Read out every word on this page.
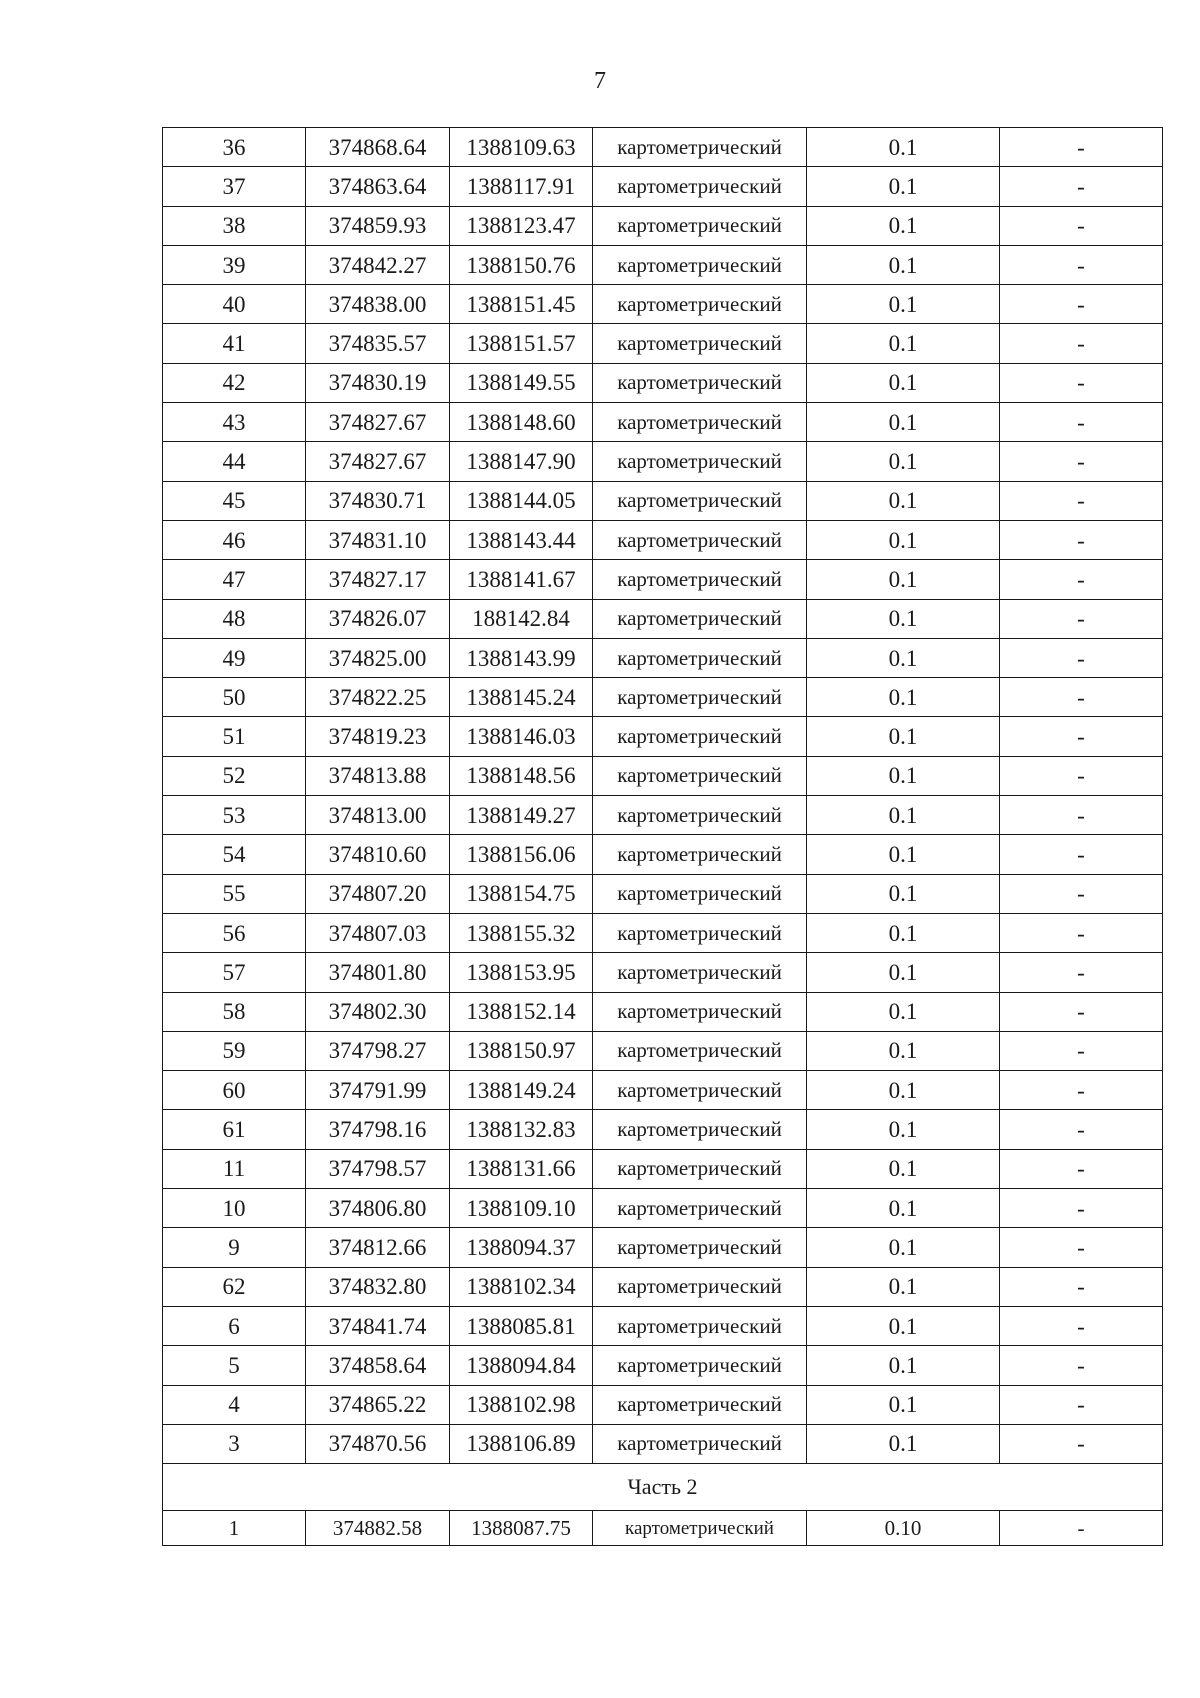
7
36	374868.64	1388109.63	картометрический	0.1	-
37	374863.64	1388117.91	картометрический	0.1	-
38	374859.93	1388123.47	картометрический	0.1	-
39	374842.27	1388150.76	картометрический	0.1	-
40	374838.00	1388151.45	картометрический	0.1	-
41	374835.57	1388151.57	картометрический	0.1	-
42	374830.19	1388149.55	картометрический	0.1	-
43	374827.67	1388148.60	картометрический	0.1	-
44	374827.67	1388147.90	картометрический	0.1	-
45	374830.71	1388144.05	картометрический	0.1	-
46	374831.10	1388143.44	картометрический	0.1	-
47	374827.17	1388141.67	картометрический	0.1	-
48	374826.07	188142.84	картометрический	0.1	-
49	374825.00	1388143.99	картометрический	0.1	-
50	374822.25	1388145.24	картометрический	0.1	-
51	374819.23	1388146.03	картометрический	0.1	-
52	374813.88	1388148.56	картометрический	0.1	-
53	374813.00	1388149.27	картометрический	0.1	-
54	374810.60	1388156.06	картометрический	0.1	-
55	374807.20	1388154.75	картометрический	0.1	-
56	374807.03	1388155.32	картометрический	0.1	-
57	374801.80	1388153.95	картометрический	0.1	-
58	374802.30	1388152.14	картометрический	0.1	-
59	374798.27	1388150.97	картометрический	0.1	-
60	374791.99	1388149.24	картометрический	0.1	-
61	374798.16	1388132.83	картометрический	0.1	-
11	374798.57	1388131.66	картометрический	0.1	-
10	374806.80	1388109.10	картометрический	0.1	-
9	374812.66	1388094.37	картометрический	0.1	-
62	374832.80	1388102.34	картометрический	0.1	-
6	374841.74	1388085.81	картометрический	0.1	-
5	374858.64	1388094.84	картометрический	0.1	-
4	374865.22	1388102.98	картометрический	0.1	-
3	374870.56	1388106.89	картометрический	0.1	-
Часть 2					
1	374882.58	1388087.75	картометрический	0.10	-
